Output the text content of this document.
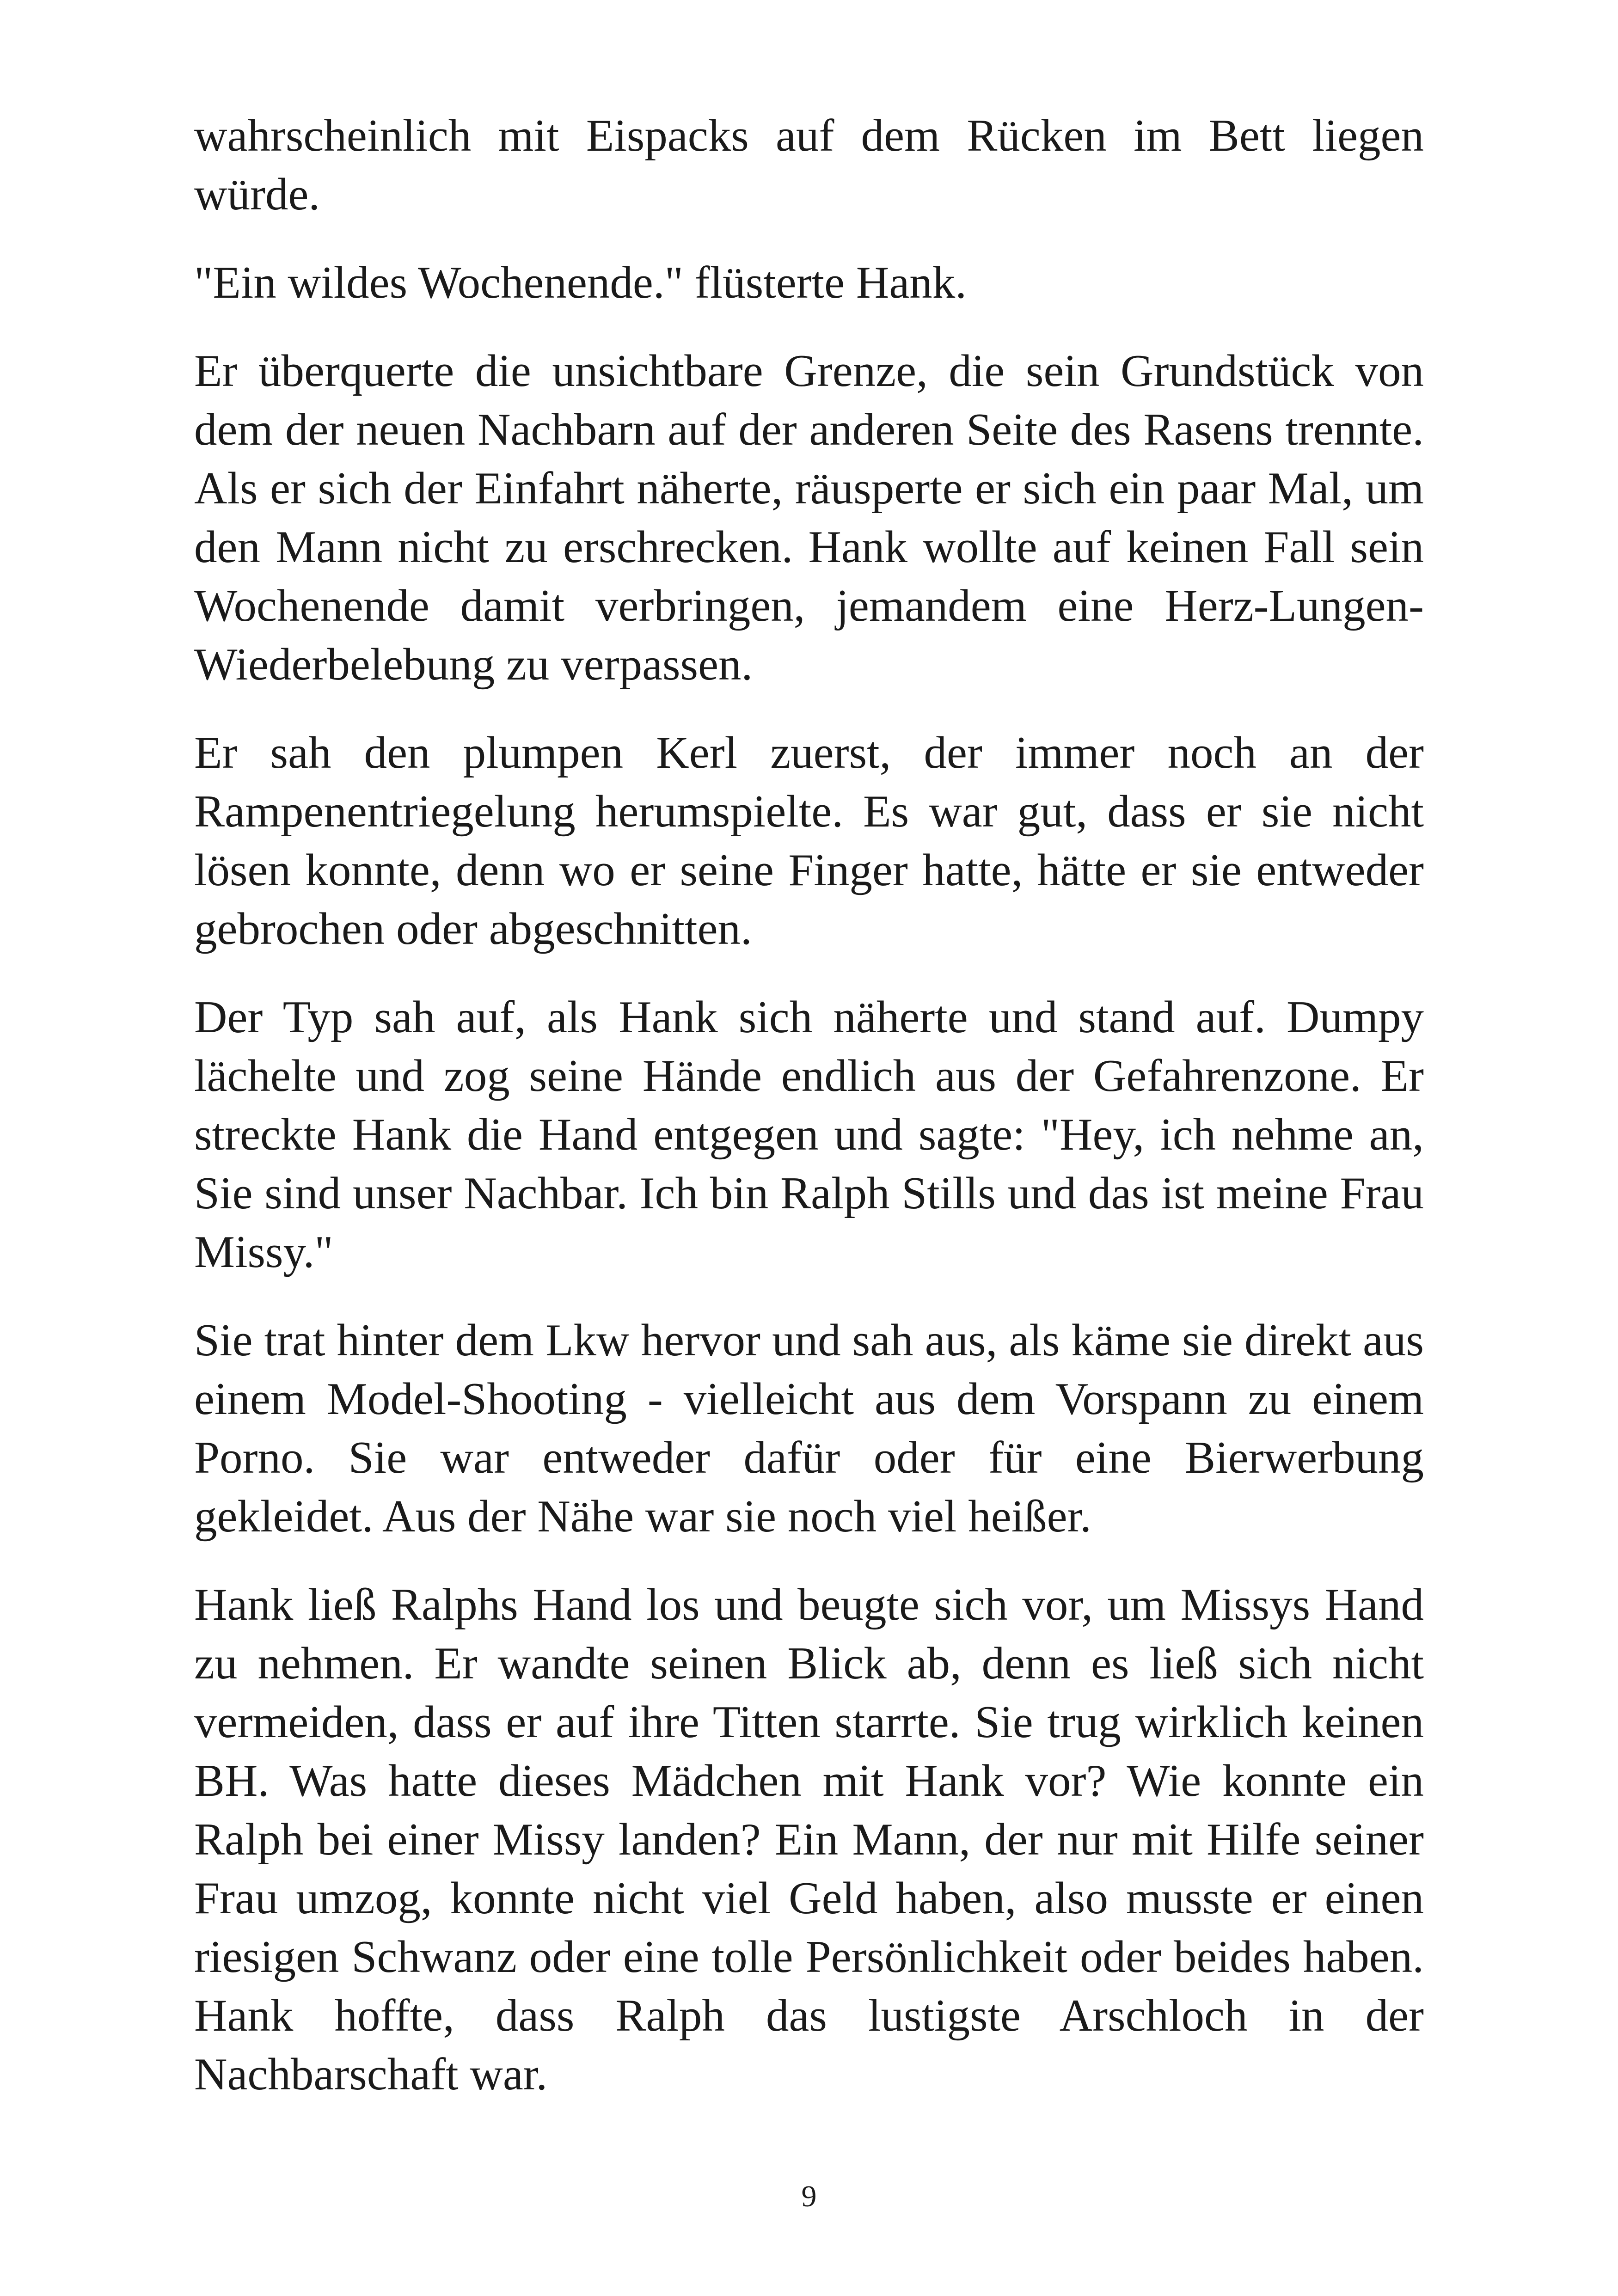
wahrscheinlich mit Eispacks auf dem Rücken im Bett liegen würde.

"Ein wildes Wochenende." flüsterte Hank.

Er überquerte die unsichtbare Grenze, die sein Grundstück von dem der neuen Nachbarn auf der anderen Seite des Rasens trennte. Als er sich der Einfahrt näherte, räusperte er sich ein paar Mal, um den Mann nicht zu erschrecken. Hank wollte auf keinen Fall sein Wochenende damit verbringen, jemandem eine Herz-Lungen-Wiederbelebung zu verpassen.

Er sah den plumpen Kerl zuerst, der immer noch an der Rampenentriegelung herumspielte. Es war gut, dass er sie nicht lösen konnte, denn wo er seine Finger hatte, hätte er sie entweder gebrochen oder abgeschnitten.

Der Typ sah auf, als Hank sich näherte und stand auf. Dumpy lächelte und zog seine Hände endlich aus der Gefahrenzone. Er streckte Hank die Hand entgegen und sagte: "Hey, ich nehme an, Sie sind unser Nachbar. Ich bin Ralph Stills und das ist meine Frau Missy."

Sie trat hinter dem Lkw hervor und sah aus, als käme sie direkt aus einem Model-Shooting - vielleicht aus dem Vorspann zu einem Porno. Sie war entweder dafür oder für eine Bierwerbung gekleidet. Aus der Nähe war sie noch viel heißer.

Hank ließ Ralphs Hand los und beugte sich vor, um Missys Hand zu nehmen. Er wandte seinen Blick ab, denn es ließ sich nicht vermeiden, dass er auf ihre Titten starrte. Sie trug wirklich keinen BH. Was hatte dieses Mädchen mit Hank vor? Wie konnte ein Ralph bei einer Missy landen? Ein Mann, der nur mit Hilfe seiner Frau umzog, konnte nicht viel Geld haben, also musste er einen riesigen Schwanz oder eine tolle Persönlichkeit oder beides haben. Hank hoffte, dass Ralph das lustigste Arschloch in der Nachbarschaft war.

9
